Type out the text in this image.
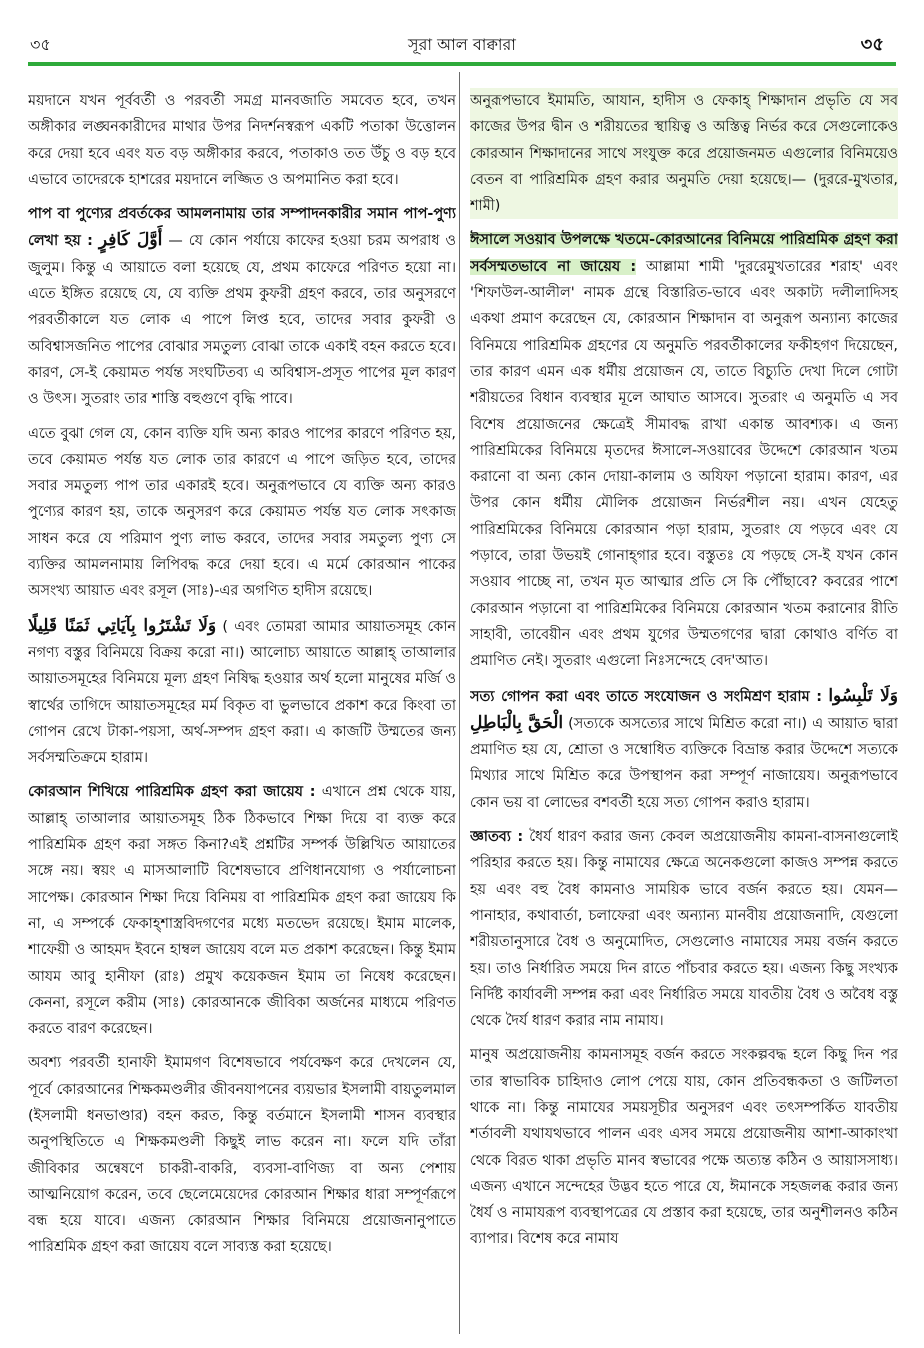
৩৫	সূরা আল বাক্বারা	৩৫

ময়দানে যখন পূর্ববর্তী ও পরবর্তী সমগ্র মানবজাতি সমবেত হবে, তখন অঙ্গীকার লঙ্ঘনকারীদের মাথার উপর নিদর্শনস্বরূপ একটি পতাকা উত্তোলন করে দেয়া হবে এবং যত বড় অঙ্গীকার করবে, পতাকাও তত উঁচু ও বড় হবে এভাবে তাদেরকে হাশরের ময়দানে লজ্জিত ও অপমানিত করা হবে।

পাপ বা পুণ্যের প্রবর্তকের আমলনামায় তার সম্পাদনকারীর সমান পাপ-পুণ্য লেখা হয় : أَوَّلَ كَافِرٍ — যে কোন পর্যায়ে কাফের হওয়া চরম অপরাধ ও জুলুম। কিন্তু এ আয়াতে বলা হয়েছে যে, প্রথম কাফেরে পরিণত হয়ো না। এতে ইঙ্গিত রয়েছে যে, যে ব্যক্তি প্রথম কুফরী গ্রহণ করবে, তার অনুসরণে পরবর্তীকালে যত লোক এ পাপে লিপ্ত হবে, তাদের সবার কুফরী ও অবিশ্বাসজনিত পাপের বোঝার সমতুল্য বোঝা তাকে একাই বহন করতে হবে। কারণ, সে-ই কেয়ামত পর্যন্ত সংঘটিতব্য এ অবিশ্বাস-প্রসূত পাপের মূল কারণ ও উৎস। সুতরাং তার শাস্তি বহুগুণে বৃদ্ধি পাবে।

এতে বুঝা গেল যে, কোন ব্যক্তি যদি অন্য কারও পাপের কারণে পরিণত হয়, তবে কেয়ামত পর্যন্ত যত লোক তার কারণে এ পাপে জড়িত হবে, তাদের সবার সমতুল্য পাপ তার একারই হবে। অনুরূপভাবে যে ব্যক্তি অন্য কারও পুণ্যের কারণ হয়, তাকে অনুসরণ করে কেয়ামত পর্যন্ত যত লোক সৎকাজ সাধন করে যে পরিমাণ পুণ্য লাভ করবে, তাদের সবার সমতুল্য পুণ্য সে ব্যক্তির আমলনামায় লিপিবদ্ধ করে দেয়া হবে। এ মর্মে কোরআন পাকের অসংখ্য আয়াত এবং রসূল (সাঃ)-এর অগণিত হাদীস রয়েছে।

وَلَا تَشْتَرُوا بِآيَاتِي ثَمَنًا قَلِيلًا ( এবং তোমরা আমার আয়াতসমূহ কোন নগণ্য বস্তুর বিনিময়ে বিক্রয় করো না।) আলোচ্য আয়াতে আল্লাহ্ তাআলার আয়াতসমূহের বিনিময়ে মূল্য গ্রহণ নিষিদ্ধ হওয়ার অর্থ হলো মানুষের মর্জি ও স্বার্থের তাগিদে আয়াতসমূহের মর্ম বিকৃত বা ভুলভাবে প্রকাশ করে কিংবা তা গোপন রেখে টাকা-পয়সা, অর্থ-সম্পদ গ্রহণ করা। এ কাজটি উম্মতের জন্য সর্বসম্মতিক্রমে হারাম।

কোরআন শিখিয়ে পারিশ্রমিক গ্রহণ করা জায়েয : এখানে প্রশ্ন থেকে যায়, আল্লাহ্ তাআলার আয়াতসমূহ ঠিক ঠিকভাবে শিক্ষা দিয়ে বা ব্যক্ত করে পারিশ্রমিক গ্রহণ করা সঙ্গত কিনা?এই প্রশ্নটির সম্পর্ক উল্লিখিত আয়াতের সঙ্গে নয়। স্বয়ং এ মাসআলাটি বিশেষভাবে প্রণিধানযোগ্য ও পর্যালোচনা সাপেক্ষ। কোরআন শিক্ষা দিয়ে বিনিময় বা পারিশ্রমিক গ্রহণ করা জায়েয কি না, এ সম্পর্কে ফেকাহ্শাস্ত্রবিদগণের মধ্যে মতভেদ রয়েছে। ইমাম মালেক, শাফেয়ী ও আহমদ ইবনে হাম্বল জায়েয বলে মত প্রকাশ করেছেন। কিন্তু ইমাম আযম আবু হানীফা (রাঃ) প্রমুখ কয়েকজন ইমাম তা নিষেধ করেছেন। কেননা, রসূলে করীম (সাঃ) কোরআনকে জীবিকা অর্জনের মাধ্যমে পরিণত করতে বারণ করেছেন।

অবশ্য পরবর্তী হানাফী ইমামগণ বিশেষভাবে পর্যবেক্ষণ করে দেখলেন যে, পূর্বে কোরআনের শিক্ষকমণ্ডলীর জীবনযাপনের ব্যয়ভার ইসলামী বায়তুলমাল (ইসলামী ধনভাণ্ডার) বহন করত, কিন্তু বর্তমানে ইসলামী শাসন ব্যবস্থার অনুপস্থিতিতে এ শিক্ষকমণ্ডলী কিছুই লাভ করেন না। ফলে যদি তাঁরা জীবিকার অন্বেষণে চাকরী-বাকরি, ব্যবসা-বাণিজ্য বা অন্য পেশায় আত্মনিয়োগ করেন, তবে ছেলেমেয়েদের কোরআন শিক্ষার ধারা সম্পূর্ণরূপে বন্ধ হয়ে যাবে। এজন্য কোরআন শিক্ষার বিনিময়ে প্রয়োজনানুপাতে পারিশ্রমিক গ্রহণ করা জায়েয বলে সাব্যস্ত করা হয়েছে।

অনুরূপভাবে ইমামতি, আযান, হাদীস ও ফেকাহ্ শিক্ষাদান প্রভৃতি যে সব কাজের উপর দ্বীন ও শরীয়তের স্থায়িত্ব ও অস্তিত্ব নির্ভর করে সেগুলোকেও কোরআন শিক্ষাদানের সাথে সংযুক্ত করে প্রয়োজনমত এগুলোর বিনিময়েও বেতন বা পারিশ্রমিক গ্রহণ করার অনুমতি দেয়া হয়েছে।— (দুররে-মুখতার, শামী)

ঈসালে সওয়াব উপলক্ষে খতমে-কোরআনের বিনিময়ে পারিশ্রমিক গ্রহণ করা সর্বসম্মতভাবে না জায়েয : আল্লামা শামী 'দুররেমুখতারের শরাহ' এবং 'শিফাউল-আলীল' নামক গ্রন্থে বিস্তারিত-ভাবে এবং অকাট্য দলীলাদিসহ একথা প্রমাণ করেছেন যে, কোরআন শিক্ষাদান বা অনুরূপ অন্যান্য কাজের বিনিময়ে পারিশ্রমিক গ্রহণের যে অনুমতি পরবর্তীকালের ফকীহগণ দিয়েছেন, তার কারণ এমন এক ধর্মীয় প্রয়োজন যে, তাতে বিচ্যুতি দেখা দিলে গোটা শরীয়তের বিধান ব্যবস্থার মূলে আঘাত আসবে। সুতরাং এ অনুমতি এ সব বিশেষ প্রয়োজনের ক্ষেত্রেই সীমাবদ্ধ রাখা একান্ত আবশ্যক। এ জন্য পারিশ্রমিকের বিনিময়ে মৃতদের ঈসালে-সওয়াবের উদ্দেশে কোরআন খতম করানো বা অন্য কোন দোয়া-কালাম ও অযিফা পড়ানো হারাম। কারণ, এর উপর কোন ধর্মীয় মৌলিক প্রয়োজন নির্ভরশীল নয়। এখন যেহেতু পারিশ্রমিকের বিনিময়ে কোরআন পড়া হারাম, সুতরাং যে পড়বে এবং যে পড়াবে, তারা উভয়ই গোনাহ্গার হবে। বস্তুতঃ যে পড়ছে সে-ই যখন কোন সওয়াব পাচ্ছে না, তখন মৃত আত্মার প্রতি সে কি পৌঁছাবে? কবরের পাশে কোরআন পড়ানো বা পারিশ্রমিকের বিনিময়ে কোরআন খতম করানোর রীতি সাহাবী, তাবেয়ীন এবং প্রথম যুগের উম্মতগণের দ্বারা কোথাও বর্ণিত বা প্রমাণিত নেই। সুতরাং এগুলো নিঃসন্দেহে বেদ'আত।

সত্য গোপন করা এবং তাতে সংযোজন ও সংমিশ্রণ হারাম : وَلَا تَلْبِسُوا الْحَقَّ بِالْبَاطِلِ (সত্যকে অসত্যের সাথে মিশ্রিত করো না।) এ আয়াত দ্বারা প্রমাণিত হয় যে, শ্রোতা ও সম্বোধিত ব্যক্তিকে বিভ্রান্ত করার উদ্দেশে সত্যকে মিথ্যার সাথে মিশ্রিত করে উপস্থাপন করা সম্পূর্ণ নাজায়েয। অনুরূপভাবে কোন ভয় বা লোভের বশবর্তী হয়ে সত্য গোপন করাও হারাম।

জ্ঞাতব্য : ধৈর্য ধারণ করার জন্য কেবল অপ্রয়োজনীয় কামনা-বাসনাগুলোই পরিহার করতে হয়। কিন্তু নামাযের ক্ষেত্রে অনেকগুলো কাজও সম্পন্ন করতে হয় এবং বহু বৈধ কামনাও সাময়িক ভাবে বর্জন করতে হয়। যেমন— পানাহার, কথাবার্তা, চলাফেরা এবং অন্যান্য মানবীয় প্রয়োজনাদি, যেগুলো শরীয়তানুসারে বৈধ ও অনুমোদিত, সেগুলোও নামাযের সময় বর্জন করতে হয়। তাও নির্ধারিত সময়ে দিন রাতে পাঁচবার করতে হয়। এজন্য কিছু সংখ্যক নির্দিষ্ট কার্যাবলী সম্পন্ন করা এবং নির্ধারিত সময়ে যাবতীয় বৈধ ও অবৈধ বস্তু থেকে দৈর্য ধারণ করার নাম নামায।

মানুষ অপ্রয়োজনীয় কামনাসমূহ বর্জন করতে সংকল্পবদ্ধ হলে কিছু দিন পর তার স্বাভাবিক চাহিদাও লোপ পেয়ে যায়, কোন প্রতিবন্ধকতা ও জটিলতা থাকে না। কিন্তু নামাযের সময়সূচীর অনুসরণ এবং তৎসম্পর্কিত যাবতীয় শর্তাবলী যথাযথভাবে পালন এবং এসব সময়ে প্রয়োজনীয় আশা-আকাংখা থেকে বিরত থাকা প্রভৃতি মানব স্বভাবের পক্ষে অত্যন্ত কঠিন ও আয়াসসাধ্য। এজন্য এখানে সন্দেহের উদ্ভব হতে পারে যে, ঈমানকে সহজলব্ধ করার জন্য ধৈর্য ও নামাযরূপ ব্যবস্থাপত্রের যে প্রস্তাব করা হয়েছে, তার অনুশীলনও কঠিন ব্যাপার। বিশেষ করে নামায
